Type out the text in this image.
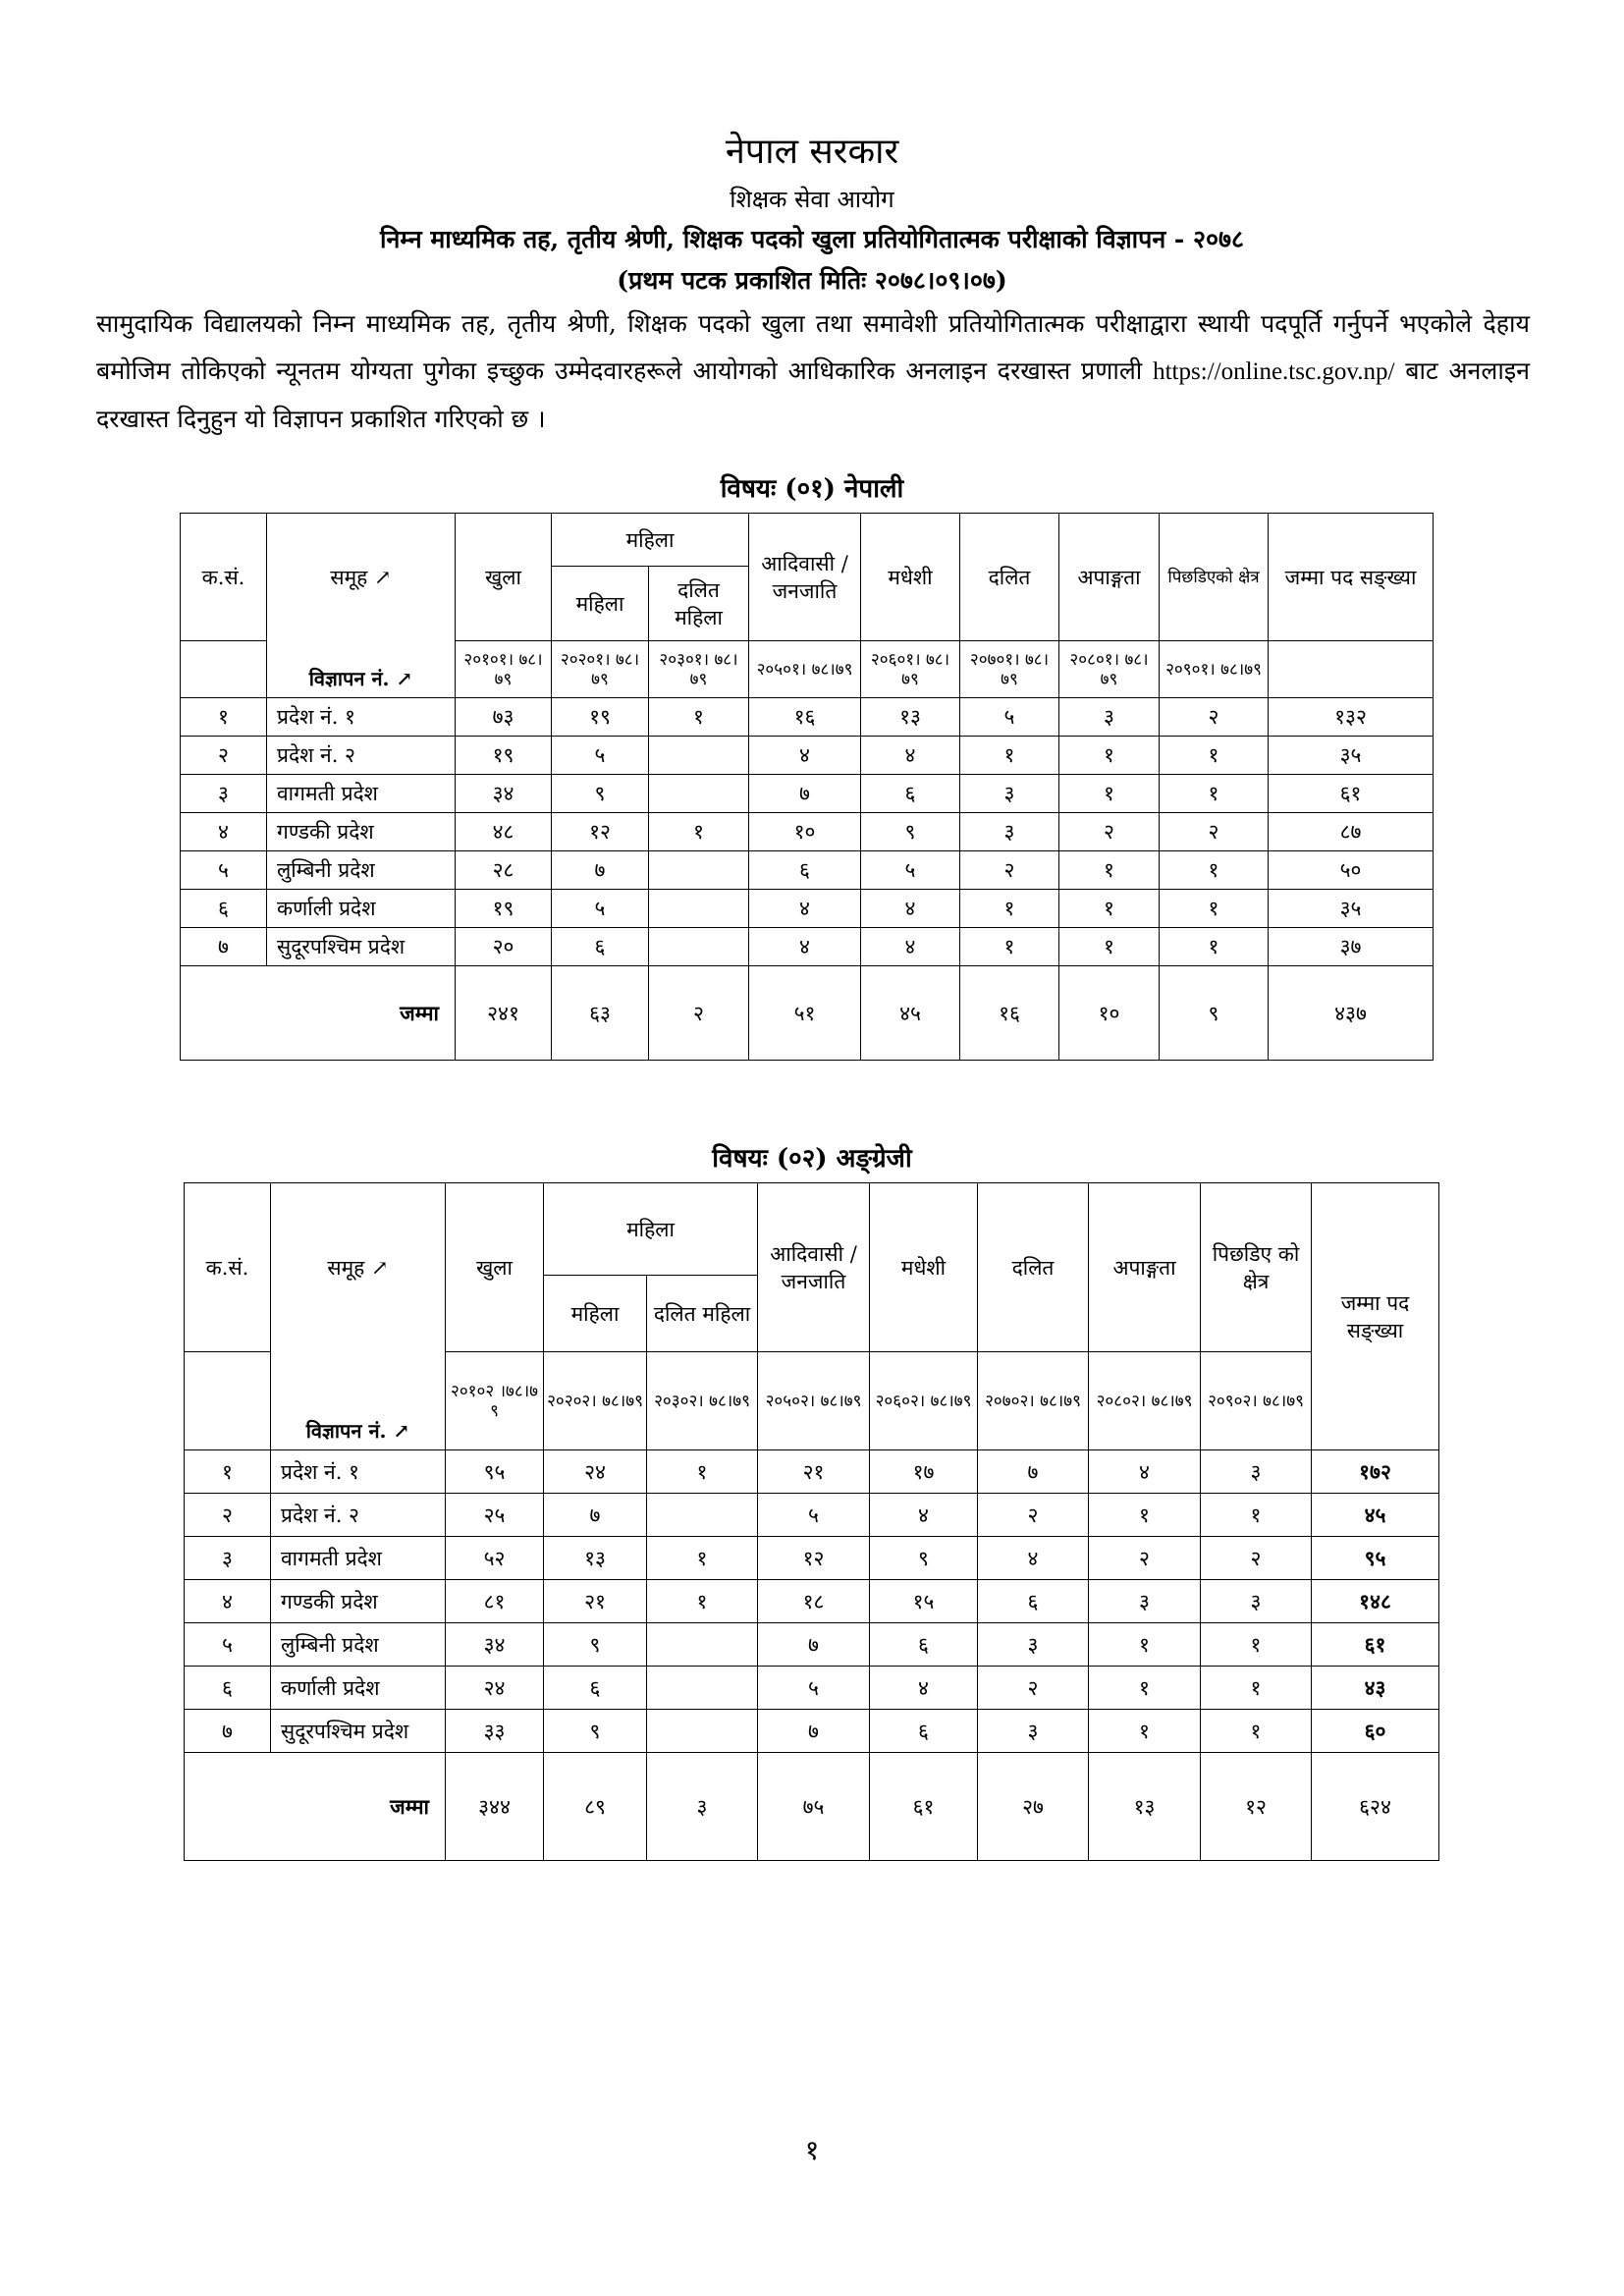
नेपाल सरकार
शिक्षक सेवा आयोग
निम्न माध्यमिक तह, तृतीय श्रेणी, शिक्षक पदको खुला प्रतियोगितात्मक परीक्षाको विज्ञापन - २०७८
(प्रथम पटक प्रकाशित मितिः २०७८।०९।०७)
सामुदायिक विद्यालयको निम्न माध्यमिक तह, तृतीय श्रेणी, शिक्षक पदको खुला तथा समावेशी प्रतियोगितात्मक परीक्षाद्वारा स्थायी पदपूर्ति गर्नुपर्ने भएकोले देहाय बमोजिम तोकिएको न्यूनतम योग्यता पुगेका इच्छुक उम्मेदवारहरूले आयोगको आधिकारिक अनलाइन दरखास्त प्रणाली https://online.tsc.gov.np/ बाट अनलाइन दरखास्त दिनुहुन यो विज्ञापन प्रकाशित गरिएको छ ।
विषयः (०१) नेपाली
क.सं.	समूह ↗	खुला	महिला		आदिवासी / जनजाति	मधेशी	दलित	अपाङ्गता	पिछडिएको क्षेत्र	जम्मा पद सङ्ख्या
			महिला	दलित महिला						
	विज्ञापन नं. ↗	२०१०१। ७८।७९	२०२०१। ७८।७९	२०३०१। ७८।७९	२०५०१। ७८।७९	२०६०१। ७८।७९	२०७०१। ७८।७९	२०८०१। ७८।७९	२०९०१। ७८।७९	
१	प्रदेश नं. १	७३	१९	१	१६	१३	५	३	२	१३२
२	प्रदेश नं. २	१९	५		४	४	१	१	१	३५
३	वागमती प्रदेश	३४	९		७	६	३	१	१	६१
४	गण्डकी प्रदेश	४८	१२	१	१०	९	३	२	२	८७
५	लुम्बिनी प्रदेश	२८	७		६	५	२	१	१	५०
६	कर्णाली प्रदेश	१९	५		४	४	१	१	१	३५
७	सुदूरपश्चिम प्रदेश	२०	६		४	४	१	१	१	३७
जम्मा		२४१	६३	२	५१	४५	१६	१०	९	४३७
विषयः (०२) अङ्ग्रेजी
क.सं.	समूह ↗	खुला	महिला		आदिवासी / जनजाति	मधेशी	दलित	अपाङ्गता	पिछडिए को क्षेत्र	जम्मा पद सङ्ख्या
			महिला	दलित महिला						
	विज्ञापन नं. ↗	२०१०२ ।७८।७ ९	२०२०२। ७८।७९	२०३०२। ७८।७९	२०५०२। ७८।७९	२०६०२। ७८।७९	२०७०२। ७८।७९	२०८०२। ७८।७९	२०९०२। ७८।७९	
१	प्रदेश नं. १	९५	२४	१	२१	१७	७	४	३	१७२
२	प्रदेश नं. २	२५	७		५	४	२	१	१	४५
३	वागमती प्रदेश	५२	१३	१	१२	९	४	२	२	९५
४	गण्डकी प्रदेश	८१	२१	१	१८	१५	६	३	३	१४८
५	लुम्बिनी प्रदेश	३४	९		७	६	३	१	१	६१
६	कर्णाली प्रदेश	२४	६		५	४	२	१	१	४३
७	सुदूरपश्चिम प्रदेश	३३	९		७	६	३	१	१	६०
जम्मा		३४४	८९	३	७५	६१	२७	१३	१२	६२४
१
